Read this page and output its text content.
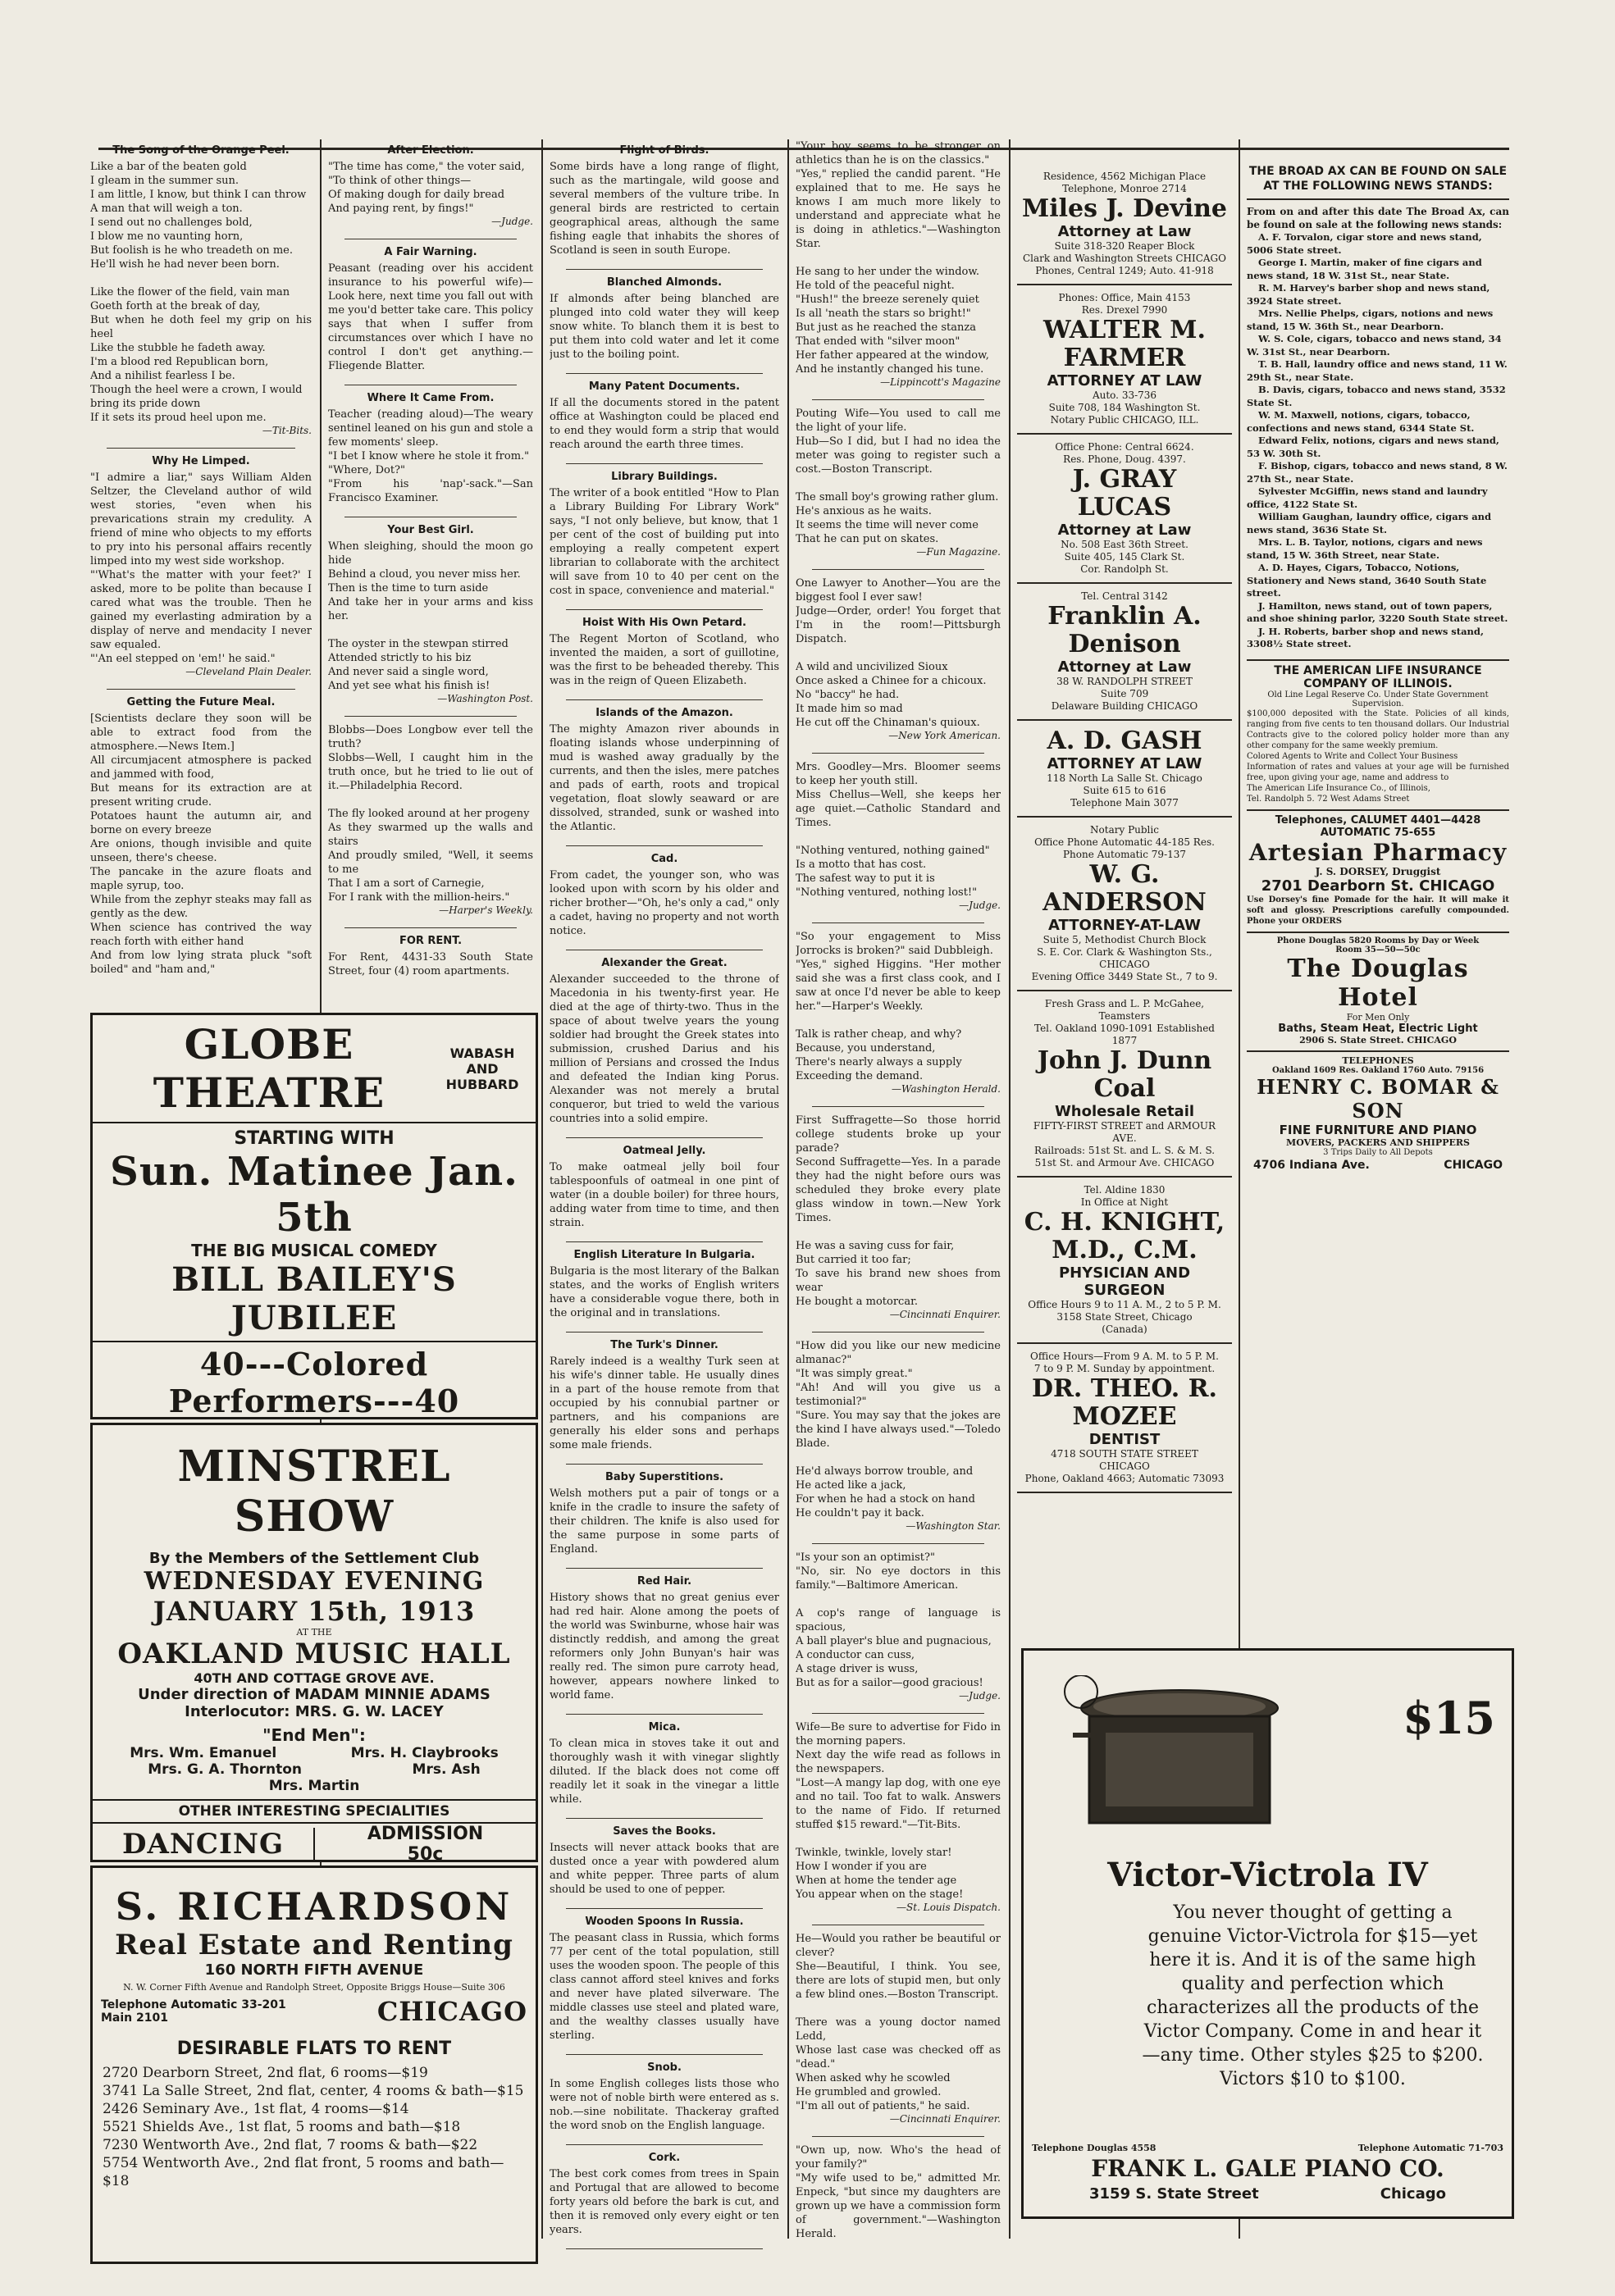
The Song of the Orange Peel.
Like a bar of the beaten gold
I gleam in the summer sun.
I am little, I know, but think I can throw
A man that will weigh a ton.
I send out no challenges bold,
I blow me no vaunting horn,
But foolish is he who treadeth on me.
He'll wish he had never been born.

Like the flower of the field, vain man
Goeth forth at the break of day,
But when he doth feel my grip on his heel
Like the stubble he fadeth away.
I'm a blood red Republican born,
And a nihilist fearless I be.
Though the heel were a crown, I would
bring its pride down
If it sets its proud heel upon me.
—Tit-Bits.
Why He Limped.
"I admire a liar," says William Alden Seltzer, the Cleveland author of wild west stories, "even when his prevarications strain my credulity. A friend of mine who objects to my efforts to pry into his personal affairs recently limped into my west side workshop.
"'What's the matter with your feet?' I asked, more to be polite than because I cared what was the trouble. Then he gained my everlasting admiration by a display of nerve and mendacity I never saw equaled.
"'An eel stepped on 'em!' he said."
—Cleveland Plain Dealer.
Getting the Future Meal.
[Scientists declare they soon will be able to extract food from the atmosphere.—News Item.]
All circumjacent atmosphere is packed and jammed with food,
But means for its extraction are at present writing crude.
Potatoes haunt the autumn air, and borne on every breeze
Are onions, though invisible and quite unseen, there's cheese.
The pancake in the azure floats and maple syrup, too.
While from the zephyr steaks may fall as gently as the dew.
When science has contrived the way reach forth with either hand
And from low lying strata pluck "soft boiled" and "ham and,"

After Election.
"The time has come," the voter said,
"To think of other things—
Of making dough for daily bread
And paying rent, by fings!"
—Judge.
A Fair Warning.
Peasant (reading over his accident insurance to his powerful wife)—Look here, next time you fall out with me you'd better take care. This policy says that when I suffer from circumstances over which I have no control I don't get anything.—Fliegende Blatter.
Where It Came From.
Teacher (reading aloud)—The weary sentinel leaned on his gun and stole a few moments' sleep.
"I bet I know where he stole it from."
"Where, Dot?"
"From his 'nap'-sack."—San Francisco Examiner.
Your Best Girl.
When sleighing, should the moon go hide
Behind a cloud, you never miss her.
Then is the time to turn aside
And take her in your arms and kiss her.

The oyster in the stewpan stirred
Attended strictly to his biz
And never said a single word,
And yet see what his finish is!
—Washington Post.
Blobbs—Does Longbow ever tell the truth?
Slobbs—Well, I caught him in the truth once, but he tried to lie out of it.—Philadelphia Record.

The fly looked around at her progeny
As they swarmed up the walls and stairs
And proudly smiled, "Well, it seems to me
That I am a sort of Carnegie,
For I rank with the million-heirs."
—Harper's Weekly.
FOR RENT.
For Rent, 4431-33 South State Street, four (4) room apartments.

Flight of Birds.
Some birds have a long range of flight, such as the martingale, wild goose and several members of the vulture tribe. In general birds are restricted to certain geographical areas, although the same fishing eagle that inhabits the shores of Scotland is seen in south Europe.
Blanched Almonds.
If almonds after being blanched are plunged into cold water they will keep snow white. To blanch them it is best to put them into cold water and let it come just to the boiling point.
Many Patent Documents.
If all the documents stored in the patent office at Washington could be placed end to end they would form a strip that would reach around the earth three times.
Library Buildings.
The writer of a book entitled "How to Plan a Library Building For Library Work" says, "I not only believe, but know, that 1 per cent of the cost of building put into employing a really competent expert librarian to collaborate with the architect will save from 10 to 40 per cent on the cost in space, convenience and material."
Hoist With His Own Petard.
The Regent Morton of Scotland, who invented the maiden, a sort of guillotine, was the first to be beheaded thereby. This was in the reign of Queen Elizabeth.
Islands of the Amazon.
The mighty Amazon river abounds in floating islands whose underpinning of mud is washed away gradually by the currents, and then the isles, mere patches and pads of earth, roots and tropical vegetation, float slowly seaward or are dissolved, stranded, sunk or washed into the Atlantic.
Cad.
From cadet, the younger son, who was looked upon with scorn by his older and richer brother—"Oh, he's only a cad," only a cadet, having no property and not worth notice.
Alexander the Great.
Alexander succeeded to the throne of Macedonia in his twenty-first year. He died at the age of thirty-two. Thus in the space of about twelve years the young soldier had brought the Greek states into submission, crushed Darius and his million of Persians and crossed the Indus and defeated the Indian king Porus. Alexander was not merely a brutal conqueror, but tried to weld the various countries into a solid empire.
Oatmeal Jelly.
To make oatmeal jelly boil four tablespoonfuls of oatmeal in one pint of water (in a double boiler) for three hours, adding water from time to time, and then strain.
English Literature In Bulgaria.
Bulgaria is the most literary of the Balkan states, and the works of English writers have a considerable vogue there, both in the original and in translations.
The Turk's Dinner.
Rarely indeed is a wealthy Turk seen at his wife's dinner table. He usually dines in a part of the house remote from that occupied by his connubial partner or partners, and his companions are generally his elder sons and perhaps some male friends.
Baby Superstitions.
Welsh mothers put a pair of tongs or a knife in the cradle to insure the safety of their children. The knife is also used for the same purpose in some parts of England.
Red Hair.
History shows that no great genius ever had red hair. Alone among the poets of the world was Swinburne, whose hair was distinctly reddish, and among the great reformers only John Bunyan's hair was really red. The simon pure carroty head, however, appears nowhere linked to world fame.
Mica.
To clean mica in stoves take it out and thoroughly wash it with vinegar slightly diluted. If the black does not come off readily let it soak in the vinegar a little while.
Saves the Books.
Insects will never attack books that are dusted once a year with powdered alum and white pepper. Three parts of alum should be used to one of pepper.
Wooden Spoons In Russia.
The peasant class in Russia, which forms 77 per cent of the total population, still uses the wooden spoon. The people of this class cannot afford steel knives and forks and never have plated silverware. The middle classes use steel and plated ware, and the wealthy classes usually have sterling.
Snob.
In some English colleges lists those who were not of noble birth were entered as s. nob.—sine nobilitate. Thackeray grafted the word snob on the English language.
Cork.
The best cork comes from trees in Spain and Portugal that are allowed to become forty years old before the bark is cut, and then it is removed only every eight or ten years.
"Your boy seems to be stronger on athletics than he is on the classics."
"Yes," replied the candid parent. "He explained that to me. He says he knows I am much more likely to understand and appreciate what he is doing in athletics."—Washington Star.

He sang to her under the window.
He told of the peaceful night.
"Hush!" the breeze serenely quiet
Is all 'neath the stars so bright!"
But just as he reached the stanza
That ended with "silver moon"
Her father appeared at the window,
And he instantly changed his tune.
—Lippincott's Magazine
Pouting Wife—You used to call me the light of your life.
Hub—So I did, but I had no idea the meter was going to register such a cost.—Boston Transcript.

The small boy's growing rather glum.
He's anxious as he waits.
It seems the time will never come
That he can put on skates.
—Fun Magazine.
One Lawyer to Another—You are the biggest fool I ever saw!
Judge—Order, order! You forget that I'm in the room!—Pittsburgh Dispatch.

A wild and uncivilized Sioux
Once asked a Chinee for a chicoux.
No "baccy" he had.
It made him so mad
He cut off the Chinaman's quioux.
—New York American.
Mrs. Goodley—Mrs. Bloomer seems to keep her youth still.
Miss Chellus—Well, she keeps her age quiet.—Catholic Standard and Times.

"Nothing ventured, nothing gained"
Is a motto that has cost.
The safest way to put it is
"Nothing ventured, nothing lost!"
—Judge.
"So your engagement to Miss Jorrocks is broken?" said Dubbleigh.
"Yes," sighed Higgins. "Her mother said she was a first class cook, and I saw at once I'd never be able to keep her."—Harper's Weekly.

Talk is rather cheap, and why?
Because, you understand,
There's nearly always a supply
Exceeding the demand.
—Washington Herald.
First Suffragette—So those horrid college students broke up your parade?
Second Suffragette—Yes. In a parade they had the night before ours was scheduled they broke every plate glass window in town.—New York Times.

He was a saving cuss for fair,
But carried it too far;
To save his brand new shoes from wear
He bought a motorcar.
—Cincinnati Enquirer.
"How did you like our new medicine almanac?"
"It was simply great."
"Ah! And will you give us a testimonial?"
"Sure. You may say that the jokes are the kind I have always used."—Toledo Blade.

He'd always borrow trouble, and
He acted like a jack,
For when he had a stock on hand
He couldn't pay it back.
—Washington Star.
"Is your son an optimist?"
"No, sir. No eye doctors in this family."—Baltimore American.

A cop's range of language is spacious,
A ball player's blue and pugnacious,
A conductor can cuss,
A stage driver is wuss,
But as for a sailor—good gracious!
—Judge.
Wife—Be sure to advertise for Fido in the morning papers.
Next day the wife read as follows in the newspapers.
"Lost—A mangy lap dog, with one eye and no tail. Too fat to walk. Answers to the name of Fido. If returned stuffed $15 reward."—Tit-Bits.

Twinkle, twinkle, lovely star!
How I wonder if you are
When at home the tender age
You appear when on the stage!
—St. Louis Dispatch.
He—Would you rather be beautiful or clever?
She—Beautiful, I think. You see, there are lots of stupid men, but only a few blind ones.—Boston Transcript.

There was a young doctor named Ledd,
Whose last case was checked off as "dead."
When asked why he scowled
He grumbled and growled.
"I'm all out of patients," he said.
—Cincinnati Enquirer.
"Own up, now. Who's the head of your family?"
"My wife used to be," admitted Mr. Enpeck, "but since my daughters are grown up we have a commission form of government."—Washington Herald.

GLOBE THEATRE
WABASH AND HUBBARD
STARTING WITH
Sun. Matinee Jan. 5th
THE BIG MUSICAL COMEDY
BILL BAILEY'S JUBILEE
40---Colored Performers---40
MINSTREL SHOW
By the Members of the Settlement Club
WEDNESDAY EVENING
JANUARY 15th, 1913
AT THE
OAKLAND MUSIC HALL
40TH AND COTTAGE GROVE AVE.
Under direction of MADAM MINNIE ADAMS
Interlocutor: MRS. G. W. LACEY
"End Men":
Mrs. Wm. Emanuel	Mrs. H. Claybrooks
Mrs. G. A. Thornton	Mrs. Ash
Mrs. Martin
OTHER INTERESTING SPECIALITIES
DANCING	ADMISSION
50c
S. RICHARDSON
Real Estate and Renting
160 NORTH FIFTH AVENUE
N. W. Corner Fifth Avenue and Randolph Street, Opposite Briggs House—Suite 306
Telephone Automatic 33-201
Main 2101	CHICAGO
DESIRABLE FLATS TO RENT
2720 Dearborn Street, 2nd flat, 6 rooms—$19
3741 La Salle Street, 2nd flat, center, 4 rooms & bath—$15
2426 Seminary Ave., 1st flat, 4 rooms—$14
5521 Shields Ave., 1st flat, 5 rooms and bath—$18
7230 Wentworth Ave., 2nd flat, 7 rooms & bath—$22
5754 Wentworth Ave., 2nd flat front, 5 rooms and bath—$18
Residence, 4562 Michigan Place
Telephone, Monroe 2714
Miles J. Devine
Attorney at Law
Suite 318-320 Reaper Block
Clark and Washington Streets CHICAGO
Phones, Central 1249; Auto. 41-918
Phones: Office, Main 4153
Res. Drexel 7990
WALTER M. FARMER
ATTORNEY AT LAW
Auto. 33-736
Suite 708, 184 Washington St.
Notary Public CHICAGO, ILL.
Office Phone: Central 6624.
Res. Phone, Doug. 4397.
J. GRAY LUCAS
Attorney at Law
No. 508 East 36th Street.
Suite 405, 145 Clark St.
Cor. Randolph St.
Tel. Central 3142
Franklin A. Denison
Attorney at Law
38 W. RANDOLPH STREET
Suite 709
Delaware Building CHICAGO
A. D. GASH
ATTORNEY AT LAW
118 North La Salle St. Chicago
Suite 615 to 616
Telephone Main 3077
Notary Public
Office Phone Automatic 44-185 Res. Phone Automatic 79-137
W. G. ANDERSON
ATTORNEY-AT-LAW
Suite 5, Methodist Church Block
S. E. Cor. Clark & Washington Sts., CHICAGO
Evening Office 3449 State St., 7 to 9.
Fresh Grass and L. P. McGahee, Teamsters
Tel. Oakland 1090-1091 Established 1877
John J. Dunn Coal
Wholesale Retail
FIFTY-FIRST STREET and ARMOUR AVE.
Railroads: 51st St. and L. S. & M. S.
51st St. and Armour Ave. CHICAGO
Tel. Aldine 1830
In Office at Night
C. H. KNIGHT, M.D., C.M.
PHYSICIAN AND SURGEON
Office Hours 9 to 11 A. M., 2 to 5 P. M.
3158 State Street, Chicago
(Canada)
Office Hours—From 9 A. M. to 5 P. M.
7 to 9 P. M. Sunday by appointment.
DR. THEO. R. MOZEE
DENTIST
4718 SOUTH STATE STREET
CHICAGO
Phone, Oakland 4663; Automatic 73093
THE BROAD AX CAN BE FOUND ON SALE AT THE FOLLOWING NEWS STANDS:
From on and after this date The Broad Ax, can be found on sale at the following news stands:
A. F. Torvalon, cigar store and news stand, 5006 State street.
George I. Martin, maker of fine cigars and news stand, 18 W. 31st St., near State.
R. M. Harvey's barber shop and news stand, 3924 State street.
Mrs. Nellie Phelps, cigars, notions and news stand, 15 W. 36th St., near Dearborn.
W. S. Cole, cigars, tobacco and news stand, 34 W. 31st St., near Dearborn.
T. B. Hall, laundry office and news stand, 11 W. 29th St., near State.
B. Davis, cigars, tobacco and news stand, 3532 State St.
W. M. Maxwell, notions, cigars, tobacco, confections and news stand, 6344 State St.
Edward Felix, notions, cigars and news stand, 53 W. 30th St.
F. Bishop, cigars, tobacco and news stand, 8 W. 27th St., near State.
Sylvester McGiffin, news stand and laundry office, 4122 State St.
William Gaughan, laundry office, cigars and news stand, 3636 State St.
Mrs. L. B. Taylor, notions, cigars and news stand, 15 W. 36th Street, near State.
A. D. Hayes, Cigars, Tobacco, Notions, Stationery and News stand, 3640 South State street.
J. Hamilton, news stand, out of town papers, and shoe shining parlor, 3220 South State street.
J. H. Roberts, barber shop and news stand, 3308½ State street.
THE AMERICAN LIFE INSURANCE COMPANY OF ILLINOIS.
Old Line Legal Reserve Co. Under State Government Supervision.
$100,000 deposited with the State. Policies of all kinds, ranging from five cents to ten thousand dollars. Our Industrial Contracts give to the colored policy holder more than any other company for the same weekly premium.
Colored Agents to Write and Collect Your Business
Information of rates and values at your age will be furnished free, upon giving your age, name and address to
The American Life Insurance Co., of Illinois,
Tel. Randolph 5. 72 West Adams Street
Telephones, CALUMET 4401—4428 AUTOMATIC 75-655
Artesian Pharmacy
J. S. DORSEY, Druggist
2701 Dearborn St. CHICAGO
Use Dorsey's fine Pomade for the hair. It will make it soft and glossy. Prescriptions carefully compounded. Phone your ORDERS
Phone Douglas 5820 Rooms by Day or Week
Room 35—50—50c
The Douglas Hotel
For Men Only
Baths, Steam Heat, Electric Light
2906 S. State Street. CHICAGO
TELEPHONES
Oakland 1609 Res. Oakland 1760 Auto. 79156
HENRY C. BOMAR & SON
FINE FURNITURE AND PIANO
MOVERS, PACKERS AND SHIPPERS
3 Trips Daily to All Depots
4706 Indiana Ave.	CHICAGO
Victor
$15
Victor-Victrola IV
You never thought of getting a genuine Victor-Victrola for $15—yet here it is. And it is of the same high quality and perfection which characterizes all the products of the Victor Company. Come in and hear it—any time. Other styles $25 to $200. Victors $10 to $100.
Telephone Douglas 4558	Telephone Automatic 71-703
FRANK L. GALE PIANO CO.
3159 S. State Street	Chicago
